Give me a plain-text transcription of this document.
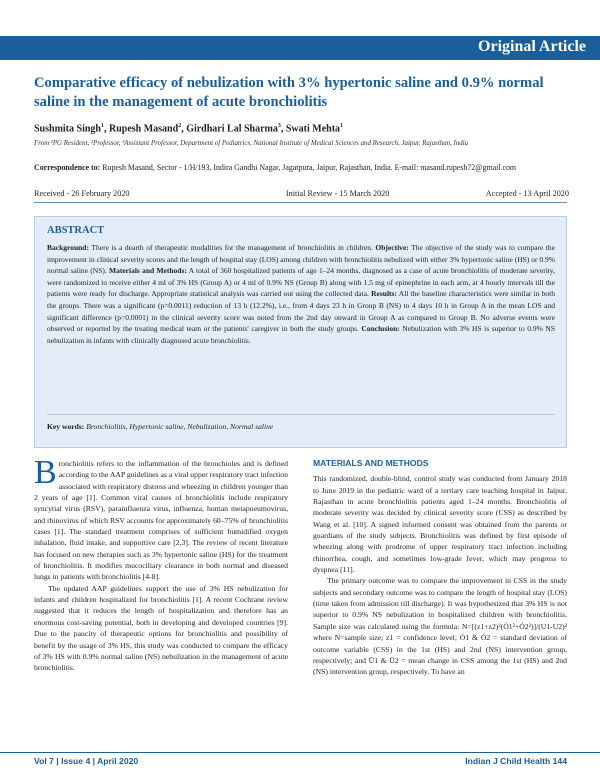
Original Article
Comparative efficacy of nebulization with 3% hypertonic saline and 0.9% normal saline in the management of acute bronchiolitis
Sushmita Singh$^1$, Rupesh Masand$^2$, Girdhari Lal Sharma$^3$, Swati Mehta$^1$
From ¹PG Resident, ²Professor, ³Assistant Professor, Department of Pediatrics, National Institute of Medical Sciences and Research, Jaipur, Rajasthan, India
Correspondence to: Rupesh Masand, Sector - 1/H/193, Indira Gandhi Nagar, Jagatpura, Jaipur, Rajasthan, India. E-mail: masand.rupesh72@gmail.com
Received - 26 February 2020	Initial Review - 15 March 2020	Accepted - 13 April 2020
ABSTRACT
Background: There is a dearth of therapeutic modalities for the management of bronchiolitis in children. Objective: The objective of the study was to compare the improvement in clinical severity scores and the length of hospital stay (LOS) among children with bronchiolitis nebulized with either 3% hypertonic saline (HS) or 0.9% normal saline (NS). Materials and Methods: A total of 360 hospitalized patients of age 1–24 months, diagnosed as a case of acute bronchiolitis of moderate severity, were randomized to receive either 4 ml of 3% HS (Group A) or 4 ml of 0.9% NS (Group B) along with 1.5 mg of epinephrine in each arm, at 4 hourly intervals till the patients were ready for discharge. Appropriate statistical analysis was carried out using the collected data. Results: All the baseline characteristics were similar in both the groups. There was a significant (p=0.0011) reduction of 13 h (12.2%), i.e., from 4 days 23 h in Group B (NS) to 4 days 10 h in Group A in the mean LOS and significant difference (p=0.0001) in the clinical severity score was noted from the 2nd day onward in Group A as compared to Group B. No adverse events were observed or reported by the treating medical team or the patients' caregiver in both the study groups. Conclusion: Nebulization with 3% HS is superior to 0.9% NS nebulization in infants with clinically diagnosed acute bronchiolitis.
Key words: Bronchiolitis, Hypertonic saline, Nebulization, Normal saline

Bronchiolitis refers to the inflammation of the bronchioles and is defined according to the AAP guidelines as a viral upper respiratory tract infection associated with respiratory distress and wheezing in children younger than 2 years of age [1]. Common viral causes of bronchiolitis include respiratory syncytial virus (RSV), parainfluenza virus, influenza, human metapneumovirus, and rhinovirus of which RSV accounts for approximately 60–75% of bronchiolitis cases [1]. The standard treatment comprises of sufficient humidified oxygen inhalation, fluid intake, and supportive care [2,3]. The review of recent literature has focused on new therapies such as 3% hypertonic saline (HS) for the treatment of bronchiolitis. It modifies mucociliary clearance in both normal and diseased lungs in patients with bronchiolitis [4-8].

The updated AAP guidelines support the use of 3% HS nebulization for infants and children hospitalized for bronchiolitis [1]. A recent Cochrane review suggested that it reduces the length of hospitalization and therefore has an enormous cost-saving potential, both in developing and developed countries [9]. Due to the paucity of therapeutic options for bronchiolitis and possibility of benefit by the usage of 3% HS, this study was conducted to compare the efficacy of 3% HS with 0.9% normal saline (NS) nebulization in the management of acute bronchiolitis.

MATERIALS AND METHODS

This randomized, double-blind, control study was conducted from January 2018 to June 2019 in the pediatric ward of a tertiary care teaching hospital in Jaipur, Rajasthan in acute bronchiolitis patients aged 1–24 months. Bronchiolitis of moderate severity was decided by clinical severity score (CSS) as described by Wang et al. [10]. A signed informed consent was obtained from the parents or guardians of the study subjects. Bronchiolitis was defined by first episode of wheezing along with prodrome of upper respiratory tract infection including rhinorrhea, cough, and sometimes low-grade fever, which may progress to dyspnea [11].

The primary outcome was to compare the improvement in CSS in the study subjects and secondary outcome was to compare the length of hospital stay (LOS) (time taken from admission till discharge). It was hypothesized that 3% HS is not superior to 0.9% NS nebulization in hospitalized children with bronchiolitis. Sample size was calculated using the formula: N=[(z1+z2)²(Ó1²+Ó2²)]/(U1-U2)² where N=sample size; z1 = confidence level; Ó1 & Ó2 = standard deviation of outcome variable (CSS) in the 1st (HS) and 2nd (NS) intervention group, respectively; and Ū1 & Ū2 = mean change in CSS among the 1st (HS) and 2nd (NS) intervention group, respectively. To have an

Vol 7 | Issue 4 | April 2020	Indian J Child Health 144
